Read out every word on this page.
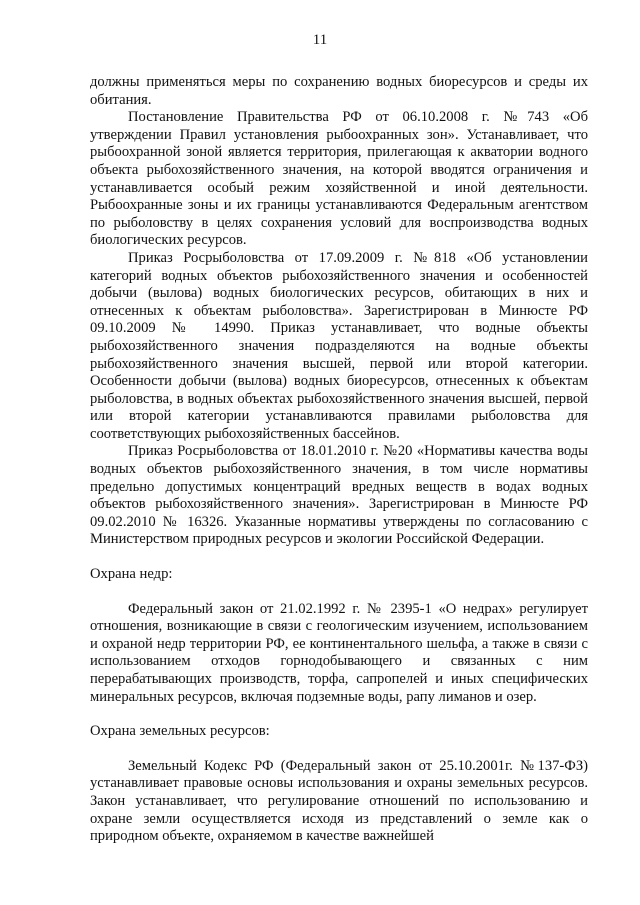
11

должны применяться меры по сохранению водных биоресурсов и среды их обитания.

Постановление Правительства РФ от 06.10.2008 г. №743 «Об утверждении Правил установления рыбоохранных зон». Устанавливает, что рыбоохранной зоной является территория, прилегающая к акватории водного объекта рыбохозяйственного значения, на которой вводятся ограничения и устанавливается особый режим хозяйственной и иной деятельности. Рыбоохранные зоны и их границы устанавливаются Федеральным агентством по рыболовству в целях сохранения условий для воспроизводства водных биологических ресурсов.

Приказ Росрыболовства от 17.09.2009 г. №818 «Об установлении категорий водных объектов рыбохозяйственного значения и особенностей добычи (вылова) водных биологических ресурсов, обитающих в них и отнесенных к объектам рыболовства». Зарегистрирован в Минюсте РФ 09.10.2009 № 14990. Приказ устанавливает, что водные объекты рыбохозяйственного значения подразделяются на водные объекты рыбохозяйственного значения высшей, первой или второй категории. Особенности добычи (вылова) водных биоресурсов, отнесенных к объектам рыболовства, в водных объектах рыбохозяйственного значения высшей, первой или второй категории устанавливаются правилами рыболовства для соответствующих рыбохозяйственных бассейнов.

Приказ Росрыболовства от 18.01.2010 г. №20 «Нормативы качества воды водных объектов рыбохозяйственного значения, в том числе нормативы предельно допустимых концентраций вредных веществ в водах водных объектов рыбохозяйственного значения». Зарегистрирован в Минюсте РФ 09.02.2010 № 16326. Указанные нормативы утверждены по согласованию с Министерством природных ресурсов и экологии Российской Федерации.

Охрана недр:

Федеральный закон от 21.02.1992 г. № 2395-1 «О недрах» регулирует отношения, возникающие в связи с геологическим изучением, использованием и охраной недр территории РФ, ее континентального шельфа, а также в связи с использованием отходов горнодобывающего и связанных с ним перерабатывающих производств, торфа, сапропелей и иных специфических минеральных ресурсов, включая подземные воды, рапу лиманов и озер.

Охрана земельных ресурсов:

Земельный Кодекс РФ (Федеральный закон от 25.10.2001г. №137-ФЗ) устанавливает правовые основы использования и охраны земельных ресурсов. Закон устанавливает, что регулирование отношений по использованию и охране земли осуществляется исходя из представлений о земле как о природном объекте, охраняемом в качестве важнейшей
